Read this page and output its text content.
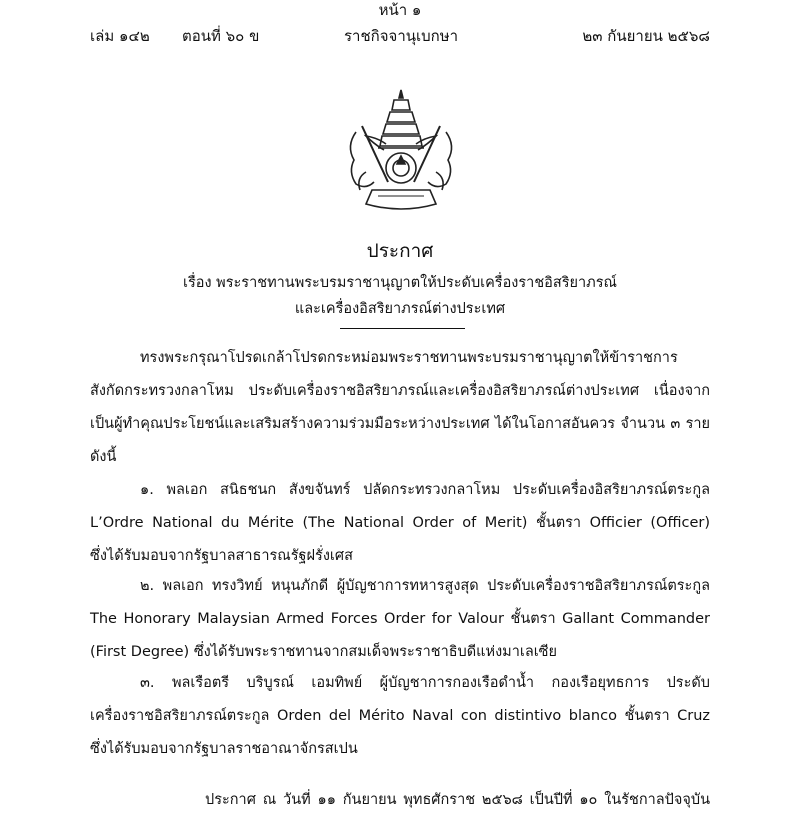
หน้า ๑
เล่ม ๑๔๒ ตอนที่ ๖๐ ข	ราชกิจจานุเบกษา	๒๓ กันยายน ๒๕๖๘
ประกาศ
เรื่อง พระราชทานพระบรมราชานุญาตให้ประดับเครื่องราชอิสริยาภรณ์
และเครื่องอิสริยาภรณ์ต่างประเทศ
ทรงพระกรุณาโปรดเกล้าโปรดกระหม่อมพระราชทานพระบรมราชานุญาตให้ข้าราชการ
สังกัดกระทรวงกลาโหม ประดับเครื่องราชอิสริยาภรณ์และเครื่องอิสริยาภรณ์ต่างประเทศ เนื่องจาก
เป็นผู้ทำคุณประโยชน์และเสริมสร้างความร่วมมือระหว่างประเทศ ได้ในโอกาสอันควร จำนวน ๓ ราย
ดังนี้
๑. พลเอก สนิธชนก สังขจันทร์ ปลัดกระทรวงกลาโหม ประดับเครื่องอิสริยาภรณ์ตระกูล
L’Ordre National du Mérite (The National Order of Merit) ชั้นตรา Officier (Officer)
ซึ่งได้รับมอบจากรัฐบาลสาธารณรัฐฝรั่งเศส
๒. พลเอก ทรงวิทย์ หนุนภักดี ผู้บัญชาการทหารสูงสุด ประดับเครื่องราชอิสริยาภรณ์ตระกูล
The Honorary Malaysian Armed Forces Order for Valour ชั้นตรา Gallant Commander
(First Degree) ซึ่งได้รับพระราชทานจากสมเด็จพระราชาธิบดีแห่งมาเลเซีย
๓. พลเรือตรี บริบูรณ์ เอมทิพย์ ผู้บัญชาการกองเรือดำน้ำ กองเรือยุทธการ ประดับ
เครื่องราชอิสริยาภรณ์ตระกูล Orden del Mérito Naval con distintivo blanco ชั้นตรา Cruz
ซึ่งได้รับมอบจากรัฐบาลราชอาณาจักรสเปน
ประกาศ ณ วันที่ ๑๑ กันยายน พุทธศักราช ๒๕๖๘ เป็นปีที่ ๑๐ ในรัชกาลปัจจุบัน
